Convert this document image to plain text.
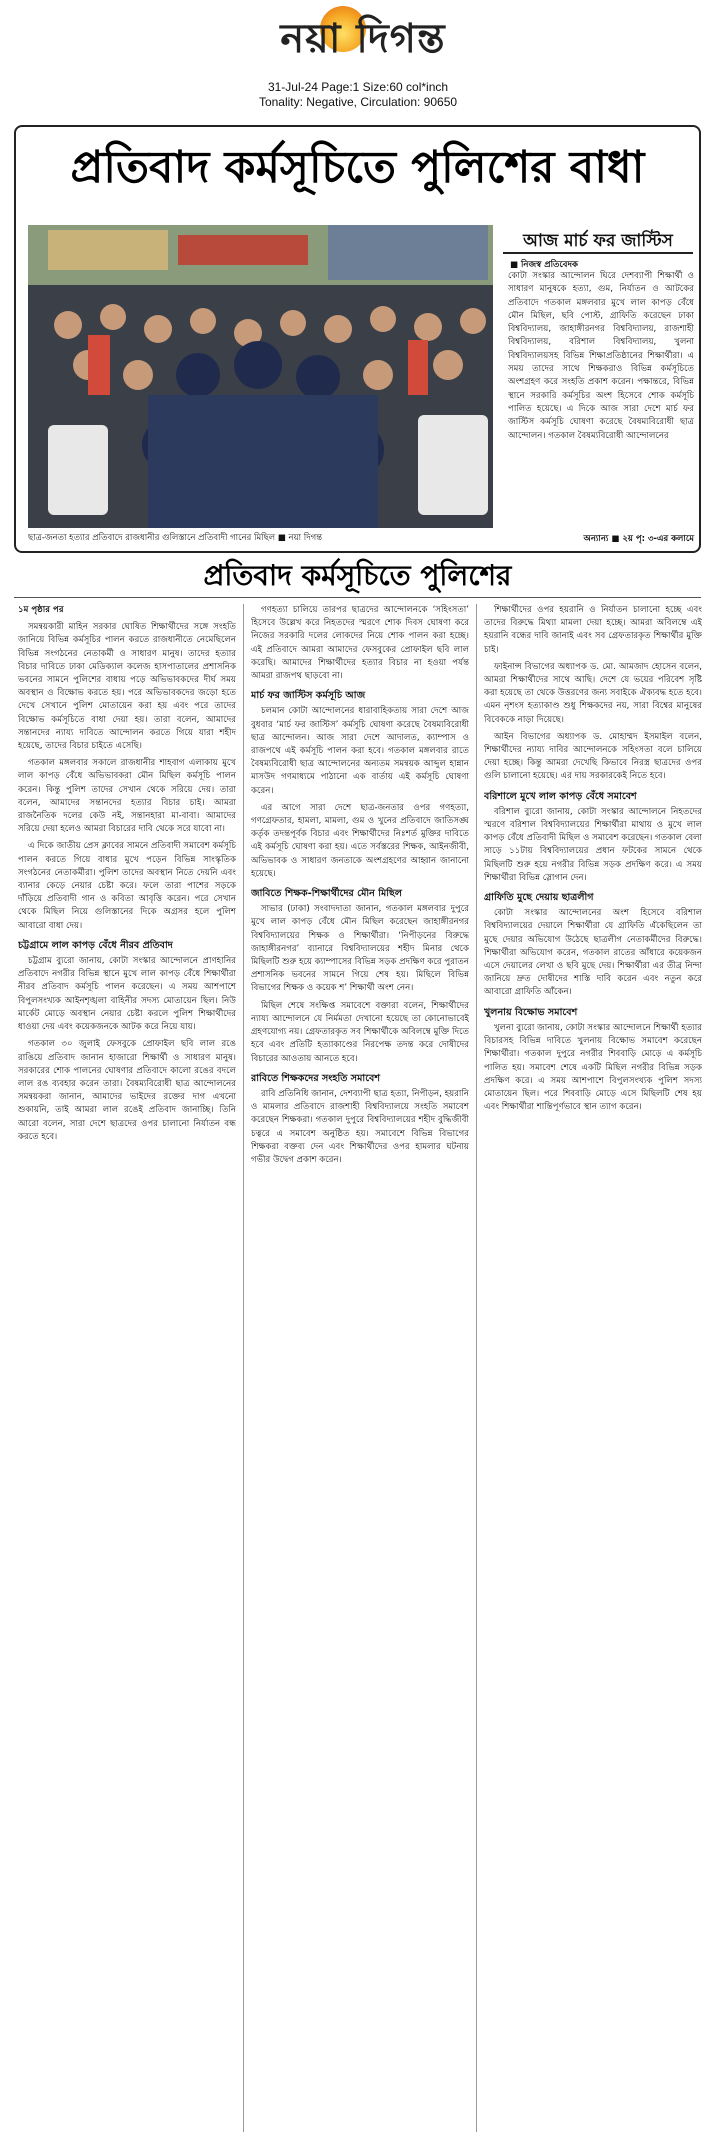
নয়া দিগন্ত
31-Jul-24 Page:1 Size:60 col*inch
Tonality: Negative, Circulation: 90650
প্রতিবাদ কর্মসূচিতে পুলিশের বাধা
ছাত্র-জনতা হত্যার প্রতিবাদে রাজধানীর গুলিস্তানে প্রতিবাদী গানের মিছিল ■ নয়া দিগন্ত
আজ মার্চ ফর জাস্টিস
■ নিজস্ব প্রতিবেদক
কোটা সংস্কার আন্দোলন ঘিরে দেশব্যাপী শিক্ষার্থী ও সাধারণ মানুষকে হত্যা, গুম, নির্যাতন ও আটকের প্রতিবাদে গতকাল মঙ্গলবার মুখে লাল কাপড় বেঁধে মৌন মিছিল, ছবি পোস্ট, গ্রাফিতি করেছেন ঢাকা বিশ্ববিদ্যালয়, জাহাঙ্গীরনগর বিশ্ববিদ্যালয়, রাজশাহী বিশ্ববিদ্যালয়, বরিশাল বিশ্ববিদ্যালয়, খুলনা বিশ্ববিদ্যালয়সহ বিভিন্ন শিক্ষাপ্রতিষ্ঠানের শিক্ষার্থীরা। এ সময় তাদের সাথে শিক্ষকরাও বিভিন্ন কর্মসূচিতে অংশগ্রহণ করে সংহতি প্রকাশ করেন। পক্ষান্তরে, বিভিন্ন স্থানে সরকারি কর্মসূচির অংশ হিসেবে শোক কর্মসূচি পালিত হয়েছে। এ দিকে আজ সারা দেশে মার্চ ফর জাস্টিস কর্মসূচি ঘোষণা করেছে বৈষম্যবিরোধী ছাত্র আন্দোলন। গতকাল বৈষম্যবিরোধী আন্দোলনের
অন্যান্য ■ ২য় পৃ: ৩-এর কলামে
প্রতিবাদ কর্মসূচিতে পুলিশের

১ম পৃষ্ঠার পর

সমন্বয়কারী মাহিন সরকার ঘোষিত শিক্ষার্থীদের সঙ্গে সংহতি জানিয়ে বিভিন্ন কর্মসূচির পালন করতে রাজধানীতে নেমেছিলেন বিভিন্ন সংগঠনের নেতাকর্মী ও সাধারণ মানুষ। তাদের হত্যার বিচার দাবিতে ঢাকা মেডিক্যাল কলেজ হাসপাতালের প্রশাসনিক ভবনের সামনে পুলিশের বাধায় পড়ে অভিভাবকদের দীর্ঘ সময় অবস্থান ও বিক্ষোভ করতে হয়। পরে অভিভাবকদের জড়ো হতে দেখে সেখানে পুলিশ মোতায়েন করা হয় এবং পরে তাদের বিক্ষোভ কর্মসূচিতে বাধা দেয়া হয়। তারা বলেন, আমাদের সন্তানদের ন্যায্য দাবিতে আন্দোলন করতে গিয়ে যারা শহীদ হয়েছে, তাদের বিচার চাইতে এসেছি।

গতকাল মঙ্গলবার সকালে রাজধানীর শাহবাগ এলাকায় মুখে লাল কাপড় বেঁধে অভিভাবকরা মৌন মিছিল কর্মসূচি পালন করেন। কিন্তু পুলিশ তাদের সেখান থেকে সরিয়ে দেয়। তারা বলেন, আমাদের সন্তানদের হত্যার বিচার চাই। আমরা রাজনৈতিক দলের কেউ নই, সন্তানহারা মা-বাবা। আমাদের সরিয়ে দেয়া হলেও আমরা বিচারের দাবি থেকে সরে যাবো না।

এ দিকে জাতীয় প্রেস ক্লাবের সামনে প্রতিবাদী সমাবেশ কর্মসূচি পালন করতে গিয়ে বাধার মুখে পড়েন বিভিন্ন সাংস্কৃতিক সংগঠনের নেতাকর্মীরা। পুলিশ তাদের অবস্থান নিতে দেয়নি এবং ব্যানার কেড়ে নেয়ার চেষ্টা করে। ফলে তারা পাশের সড়কে দাঁড়িয়ে প্রতিবাদী গান ও কবিতা আবৃত্তি করেন। পরে সেখান থেকে মিছিল নিয়ে গুলিস্তানের দিকে অগ্রসর হলে পুলিশ আবারো বাধা দেয়।

চট্টগ্রামে লাল কাপড় বেঁধে নীরব প্রতিবাদ

চট্টগ্রাম ব্যুরো জানায়, কোটা সংস্কার আন্দোলনে প্রাণহানির প্রতিবাদে নগরীর বিভিন্ন স্থানে মুখে লাল কাপড় বেঁধে শিক্ষার্থীরা নীরব প্রতিবাদ কর্মসূচি পালন করেছেন। এ সময় আশপাশে বিপুলসংখ্যক আইনশৃঙ্খলা বাহিনীর সদস্য মোতায়েন ছিল। নিউ মার্কেট মোড়ে অবস্থান নেয়ার চেষ্টা করলে পুলিশ শিক্ষার্থীদের ধাওয়া দেয় এবং কয়েকজনকে আটক করে নিয়ে যায়।

গতকাল ৩০ জুলাই ফেসবুকে প্রোফাইল ছবি লাল রঙে রাঙিয়ে প্রতিবাদ জানান হাজারো শিক্ষার্থী ও সাধারণ মানুষ। সরকারের শোক পালনের ঘোষণার প্রতিবাদে কালো রঙের বদলে লাল রঙ ব্যবহার করেন তারা। বৈষম্যবিরোধী ছাত্র আন্দোলনের সমন্বয়করা জানান, আমাদের ভাইদের রক্তের দাগ এখনো শুকায়নি, তাই আমরা লাল রঙেই প্রতিবাদ জানাচ্ছি। তিনি আরো বলেন, সারা দেশে ছাত্রদের ওপর চালানো নির্যাতন বন্ধ করতে হবে।

গণহত্যা চালিয়ে তারপর ছাত্রদের আন্দোলনকে ‘সহিংসতা’ হিসেবে উল্লেখ করে নিহতদের স্মরণে শোক দিবস ঘোষণা করে নিজের সরকারি দলের লোকদের নিয়ে শোক পালন করা হচ্ছে। এই প্রতিবাদে আমরা আমাদের ফেসবুকের প্রোফাইল ছবি লাল করেছি। আমাদের শিক্ষার্থীদের হত্যার বিচার না হওয়া পর্যন্ত আমরা রাজপথ ছাড়বো না।

মার্চ ফর জাস্টিস কর্মসূচি আজ

চলমান কোটা আন্দোলনের ধারাবাহিকতায় সারা দেশে আজ বুধবার ‘মার্চ ফর জাস্টিস’ কর্মসূচি ঘোষণা করেছে বৈষম্যবিরোধী ছাত্র আন্দোলন। আজ সারা দেশে আদালত, ক্যাম্পাস ও রাজপথে এই কর্মসূচি পালন করা হবে। গতকাল মঙ্গলবার রাতে বৈষম্যবিরোধী ছাত্র আন্দোলনের অন্যতম সমন্বয়ক আব্দুল হান্নান মাসউদ গণমাধ্যমে পাঠানো এক বার্তায় এই কর্মসূচি ঘোষণা করেন।

এর আগে সারা দেশে ছাত্র-জনতার ওপর গণহত্যা, গণগ্রেফতার, হামলা, মামলা, গুম ও খুনের প্রতিবাদে জাতিসঙ্ঘ কর্তৃক তদন্তপূর্বক বিচার এবং শিক্ষার্থীদের নিঃশর্ত মুক্তির দাবিতে এই কর্মসূচি ঘোষণা করা হয়। এতে সর্বস্তরের শিক্ষক, আইনজীবী, অভিভাবক ও সাধারণ জনতাকে অংশগ্রহণের আহ্বান জানানো হয়েছে।

জাবিতে শিক্ষক-শিক্ষার্থীদের মৌন মিছিল

সাভার (ঢাকা) সংবাদদাতা জানান, গতকাল মঙ্গলবার দুপুরে মুখে লাল কাপড় বেঁধে মৌন মিছিল করেছেন জাহাঙ্গীরনগর বিশ্ববিদ্যালয়ের শিক্ষক ও শিক্ষার্থীরা। ‘নিপীড়নের বিরুদ্ধে জাহাঙ্গীরনগর’ ব্যানারে বিশ্ববিদ্যালয়ের শহীদ মিনার থেকে মিছিলটি শুরু হয়ে ক্যাম্পাসের বিভিন্ন সড়ক প্রদক্ষিণ করে পুরাতন প্রশাসনিক ভবনের সামনে গিয়ে শেষ হয়। মিছিলে বিভিন্ন বিভাগের শিক্ষক ও কয়েক শ’ শিক্ষার্থী অংশ নেন।

মিছিল শেষে সংক্ষিপ্ত সমাবেশে বক্তারা বলেন, শিক্ষার্থীদের ন্যায্য আন্দোলনে যে নির্মমতা দেখানো হয়েছে তা কোনোভাবেই গ্রহণযোগ্য নয়। গ্রেফতারকৃত সব শিক্ষার্থীকে অবিলম্বে মুক্তি দিতে হবে এবং প্রতিটি হত্যাকাণ্ডের নিরপেক্ষ তদন্ত করে দোষীদের বিচারের আওতায় আনতে হবে।

রাবিতে শিক্ষকদের সংহতি সমাবেশ

রাবি প্রতিনিধি জানান, দেশব্যাপী ছাত্র হত্যা, নিপীড়ন, হয়রানি ও মামলার প্রতিবাদে রাজশাহী বিশ্ববিদ্যালয়ে সংহতি সমাবেশ করেছেন শিক্ষকরা। গতকাল দুপুরে বিশ্ববিদ্যালয়ের শহীদ বুদ্ধিজীবী চত্বরে এ সমাবেশ অনুষ্ঠিত হয়। সমাবেশে বিভিন্ন বিভাগের শিক্ষকরা বক্তব্য দেন এবং শিক্ষার্থীদের ওপর হামলার ঘটনায় গভীর উদ্বেগ প্রকাশ করেন।

শিক্ষার্থীদের ওপর হয়রানি ও নির্যাতন চালানো হচ্ছে এবং তাদের বিরুদ্ধে মিথ্যা মামলা দেয়া হচ্ছে। আমরা অবিলম্বে এই হয়রানি বন্ধের দাবি জানাই এবং সব গ্রেফতারকৃত শিক্ষার্থীর মুক্তি চাই।

ফাইনান্স বিভাগের অধ্যাপক ড. মো. আমজাদ হোসেন বলেন, আমরা শিক্ষার্থীদের সাথে আছি। দেশে যে ভয়ের পরিবেশ সৃষ্টি করা হয়েছে তা থেকে উত্তরণের জন্য সবাইকে ঐক্যবদ্ধ হতে হবে। এমন নৃশংস হত্যাকাণ্ড শুধু শিক্ষকদের নয়, সারা বিশ্বের মানুষের বিবেককে নাড়া দিয়েছে।

আইন বিভাগের অধ্যাপক ড. মোহাম্মদ ইসমাইল বলেন, শিক্ষার্থীদের ন্যায্য দাবির আন্দোলনকে সহিংসতা বলে চালিয়ে দেয়া হচ্ছে। কিন্তু আমরা দেখেছি কিভাবে নিরস্ত্র ছাত্রদের ওপর গুলি চালানো হয়েছে। এর দায় সরকারকেই নিতে হবে।

বরিশালে মুখে লাল কাপড় বেঁধে সমাবেশ

বরিশাল ব্যুরো জানায়, কোটা সংস্কার আন্দোলনে নিহতদের স্মরণে বরিশাল বিশ্ববিদ্যালয়ের শিক্ষার্থীরা মাথায় ও মুখে লাল কাপড় বেঁধে প্রতিবাদী মিছিল ও সমাবেশ করেছেন। গতকাল বেলা সাড়ে ১১টায় বিশ্ববিদ্যালয়ের প্রধান ফটকের সামনে থেকে মিছিলটি শুরু হয়ে নগরীর বিভিন্ন সড়ক প্রদক্ষিণ করে। এ সময় শিক্ষার্থীরা বিভিন্ন স্লোগান দেন।

গ্রাফিতি মুছে দেয়ায় ছাত্রলীগ

কোটা সংস্কার আন্দোলনের অংশ হিসেবে বরিশাল বিশ্ববিদ্যালয়ের দেয়ালে শিক্ষার্থীরা যে গ্রাফিতি এঁকেছিলেন তা মুছে দেয়ার অভিযোগ উঠেছে ছাত্রলীগ নেতাকর্মীদের বিরুদ্ধে। শিক্ষার্থীরা অভিযোগ করেন, গতকাল রাতের আঁধারে কয়েকজন এসে দেয়ালের লেখা ও ছবি মুছে দেয়। শিক্ষার্থীরা এর তীব্র নিন্দা জানিয়ে দ্রুত দোষীদের শাস্তি দাবি করেন এবং নতুন করে আবারো গ্রাফিতি আঁকেন।

খুলনায় বিক্ষোভ সমাবেশ

খুলনা ব্যুরো জানায়, কোটা সংস্কার আন্দোলনে শিক্ষার্থী হত্যার বিচারসহ বিভিন্ন দাবিতে খুলনায় বিক্ষোভ সমাবেশ করেছেন শিক্ষার্থীরা। গতকাল দুপুরে নগরীর শিববাড়ি মোড়ে এ কর্মসূচি পালিত হয়। সমাবেশ শেষে একটি মিছিল নগরীর বিভিন্ন সড়ক প্রদক্ষিণ করে। এ সময় আশপাশে বিপুলসংখ্যক পুলিশ সদস্য মোতায়েন ছিল। পরে শিববাড়ি মোড়ে এসে মিছিলটি শেষ হয় এবং শিক্ষার্থীরা শান্তিপূর্ণভাবে স্থান ত্যাগ করেন।
